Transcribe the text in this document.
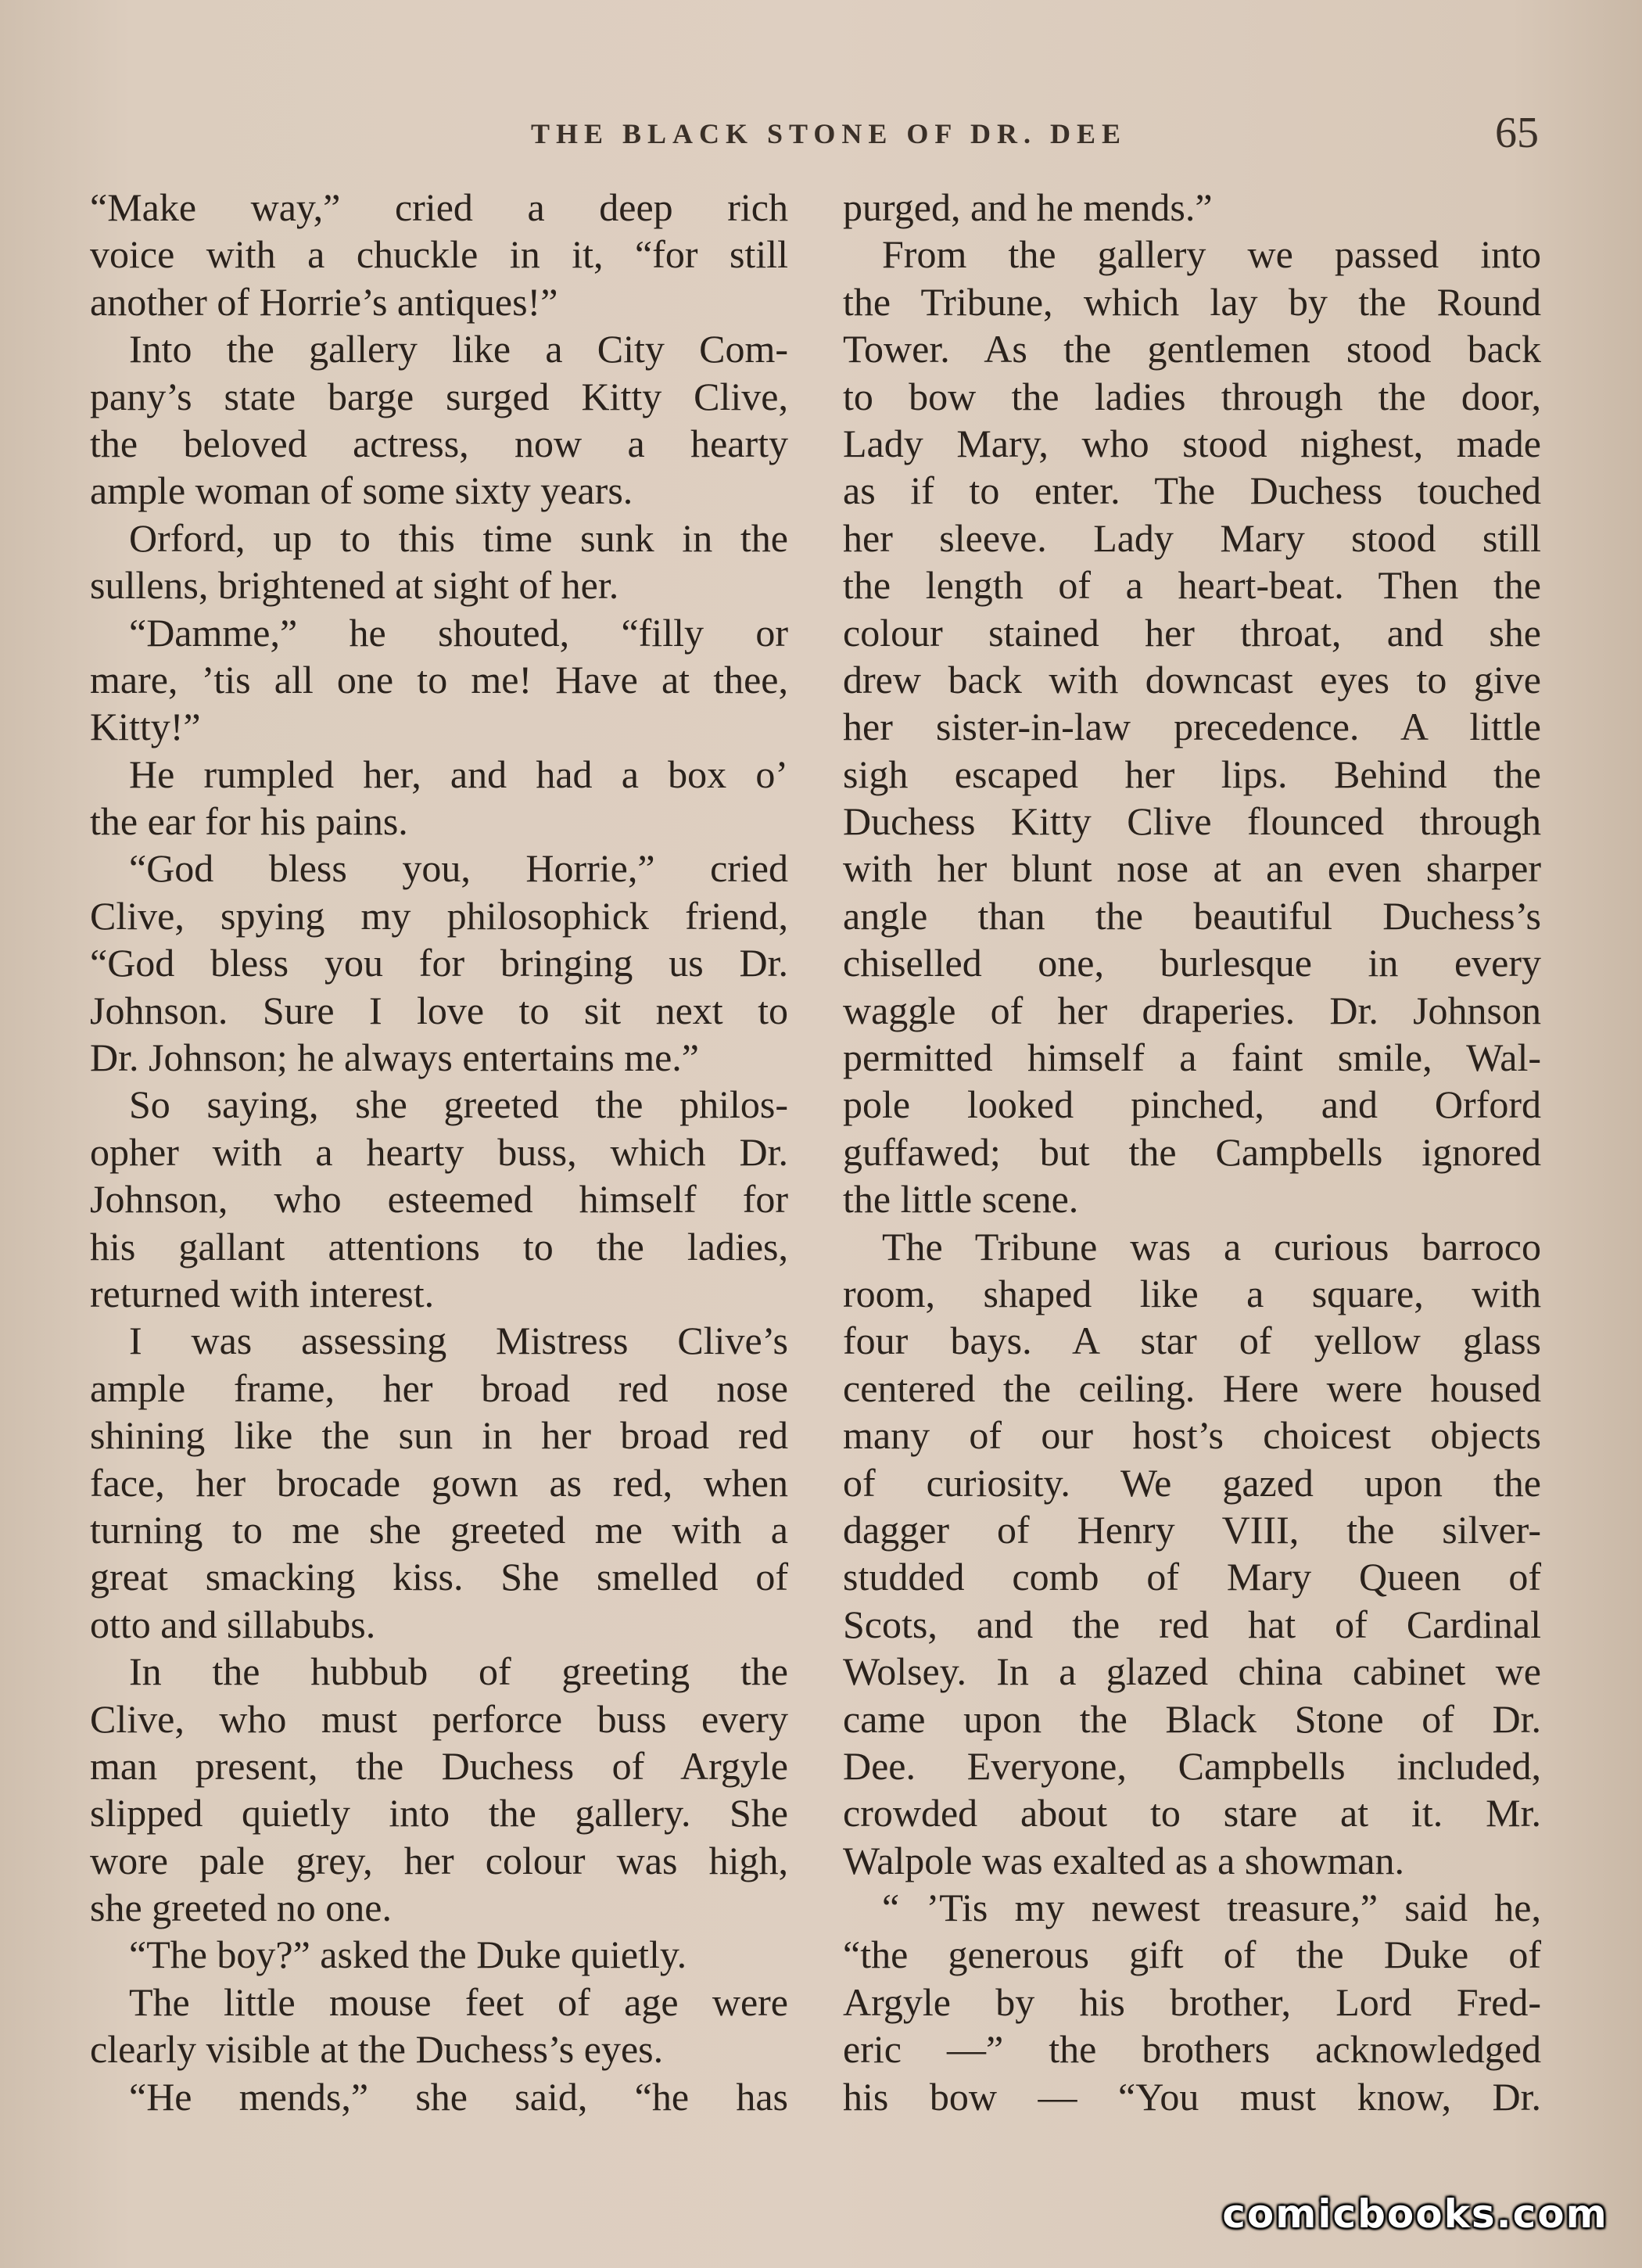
THE BLACK STONE OF DR. DEE	65
“Make way,” cried a deep rich
voice with a chuckle in it, “for still
another of Horrie’s antiques!”
Into the gallery like a City Com-
pany’s state barge surged Kitty Clive,
the beloved actress, now a hearty
ample woman of some sixty years.
Orford, up to this time sunk in the
sullens, brightened at sight of her.
“Damme,” he shouted, “filly or
mare, ’tis all one to me! Have at thee,
Kitty!”
He rumpled her, and had a box o’
the ear for his pains.
“God bless you, Horrie,” cried
Clive, spying my philosophick friend,
“God bless you for bringing us Dr.
Johnson. Sure I love to sit next to
Dr. Johnson; he always entertains me.”
So saying, she greeted the philos-
opher with a hearty buss, which Dr.
Johnson, who esteemed himself for
his gallant attentions to the ladies,
returned with interest.
I was assessing Mistress Clive’s
ample frame, her broad red nose
shining like the sun in her broad red
face, her brocade gown as red, when
turning to me she greeted me with a
great smacking kiss. She smelled of
otto and sillabubs.
In the hubbub of greeting the
Clive, who must perforce buss every
man present, the Duchess of Argyle
slipped quietly into the gallery. She
wore pale grey, her colour was high,
she greeted no one.
“The boy?” asked the Duke quietly.
The little mouse feet of age were
clearly visible at the Duchess’s eyes.
“He mends,” she said, “he has
purged, and he mends.”
From the gallery we passed into
the Tribune, which lay by the Round
Tower. As the gentlemen stood back
to bow the ladies through the door,
Lady Mary, who stood nighest, made
as if to enter. The Duchess touched
her sleeve. Lady Mary stood still
the length of a heart-beat. Then the
colour stained her throat, and she
drew back with downcast eyes to give
her sister-in-law precedence. A little
sigh escaped her lips. Behind the
Duchess Kitty Clive flounced through
with her blunt nose at an even sharper
angle than the beautiful Duchess’s
chiselled one, burlesque in every
waggle of her draperies. Dr. Johnson
permitted himself a faint smile, Wal-
pole looked pinched, and Orford
guffawed; but the Campbells ignored
the little scene.
The Tribune was a curious barroco
room, shaped like a square, with
four bays. A star of yellow glass
centered the ceiling. Here were housed
many of our host’s choicest objects
of curiosity. We gazed upon the
dagger of Henry VIII, the silver-
studded comb of Mary Queen of
Scots, and the red hat of Cardinal
Wolsey. In a glazed china cabinet we
came upon the Black Stone of Dr.
Dee. Everyone, Campbells included,
crowded about to stare at it. Mr.
Walpole was exalted as a showman.
“ ’Tis my newest treasure,” said he,
“the generous gift of the Duke of
Argyle by his brother, Lord Fred-
eric —” the brothers acknowledged
his bow — “You must know, Dr.
comicbooks.com
